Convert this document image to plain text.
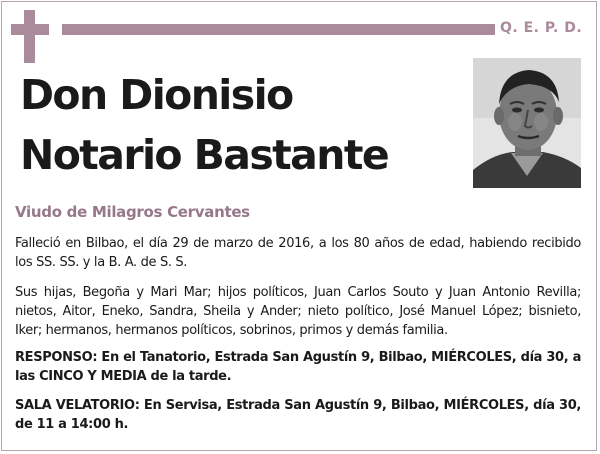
Q. E. P. D.
Don Dionisio
Notario Bastante
Viudo de Milagros Cervantes
Falleció en Bilbao, el día 29 de marzo de 2016, a los 80 años de edad, habiendo recibido los SS. SS. y la B. A. de S. S.
Sus hijas, Begoña y Mari Mar; hijos políticos, Juan Carlos Souto y Juan Antonio Revilla; nietos, Aitor, Eneko, Sandra, Sheila y Ander; nieto político, José Manuel López; bisnieto, Iker; hermanos, hermanos políticos, sobrinos, primos y demás familia.
RESPONSO: En el Tanatorio, Estrada San Agustín 9, Bilbao, MIÉRCOLES, día 30, a las CINCO Y MEDIA de la tarde.
SALA VELATORIO: En Servisa, Estrada San Agustín 9, Bilbao, MIÉRCOLES, día 30, de 11 a 14:00 h.
